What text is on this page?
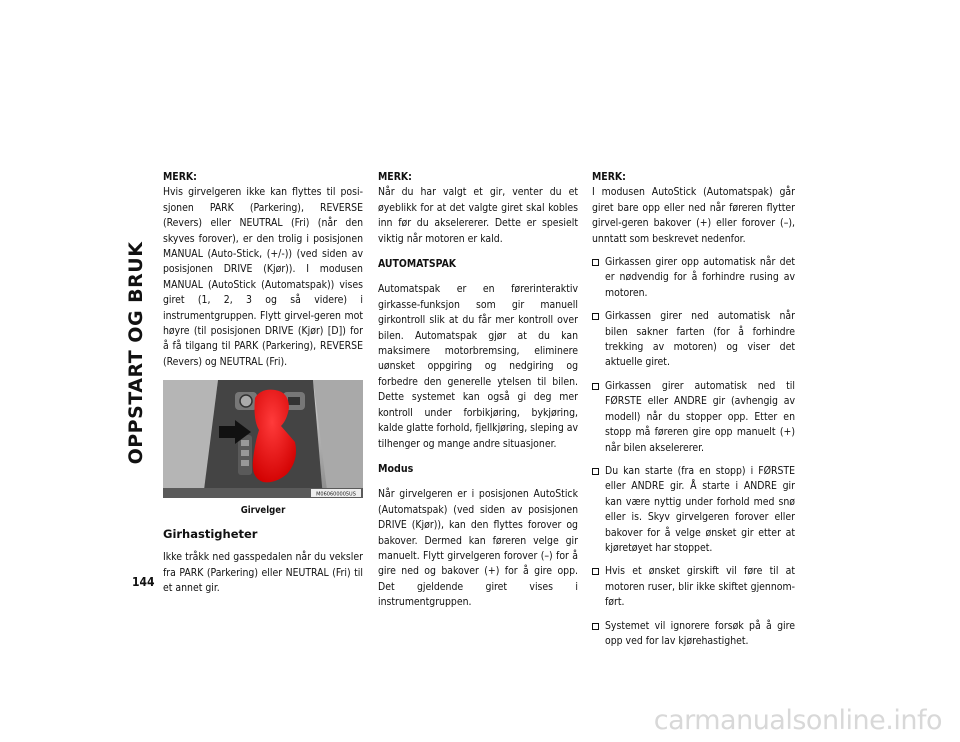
OPPSTART OG BRUK
144

MERK:

Hvis girvelgeren ikke kan flyttes til posi-sjonen PARK (Parkering), REVERSE (Revers) eller NEUTRAL (Fri) (når den skyves forover), er den trolig i posisjonen MANUAL (Auto-Stick, (+/-)) (ved siden av posisjonen DRIVE (Kjør)). I modusen MANUAL (AutoStick (Automatspak)) vises giret (1, 2, 3 og så videre) i instrumentgruppen. Flytt girvel-geren mot høyre (til posisjonen DRIVE (Kjør) [D]) for å få tilgang til PARK (Parkering), REVERSE (Revers) og NEUTRAL (Fri).

M060600005US

Girvelger

Girhastigheter

Ikke tråkk ned gasspedalen når du veksler fra PARK (Parkering) eller NEUTRAL (Fri) til et annet gir.

MERK:

Når du har valgt et gir, venter du et øyeblikk for at det valgte giret skal kobles inn før du akselererer. Dette er spesielt viktig når motoren er kald.

AUTOMATSPAK

Automatspak er en førerinteraktiv girkasse-funksjon som gir manuell girkontroll slik at du får mer kontroll over bilen. Automatspak gjør at du kan maksimere motorbremsing, eliminere uønsket oppgiring og nedgiring og forbedre den generelle ytelsen til bilen. Dette systemet kan også gi deg mer kontroll under forbikjøring, bykjøring, kalde glatte forhold, fjellkjøring, sleping av tilhenger og mange andre situasjoner.

Modus

Når girvelgeren er i posisjonen AutoStick (Automatspak) (ved siden av posisjonen DRIVE (Kjør)), kan den flyttes forover og bakover. Dermed kan føreren velge gir manuelt. Flytt girvelgeren forover (–) for å gire ned og bakover (+) for å gire opp. Det gjeldende giret vises i instrumentgruppen.

MERK:

I modusen AutoStick (Automatspak) går giret bare opp eller ned når føreren flytter girvel-geren bakover (+) eller forover (–), unntatt som beskrevet nedenfor.

Girkassen girer opp automatisk når det er nødvendig for å forhindre rusing av motoren.
Girkassen girer ned automatisk når bilen sakner farten (for å forhindre trekking av motoren) og viser det aktuelle giret.
Girkassen girer automatisk ned til FØRSTE eller ANDRE gir (avhengig av modell) når du stopper opp. Etter en stopp må føreren gire opp manuelt (+) når bilen akselererer.
Du kan starte (fra en stopp) i FØRSTE eller ANDRE gir. Å starte i ANDRE gir kan være nyttig under forhold med snø eller is. Skyv girvelgeren forover eller bakover for å velge ønsket gir etter at kjøretøyet har stoppet.
Hvis et ønsket girskift vil føre til at motoren ruser, blir ikke skiftet gjennom-ført.
Systemet vil ignorere forsøk på å gire opp ved for lav kjørehastighet.
carmanualsonline.info
